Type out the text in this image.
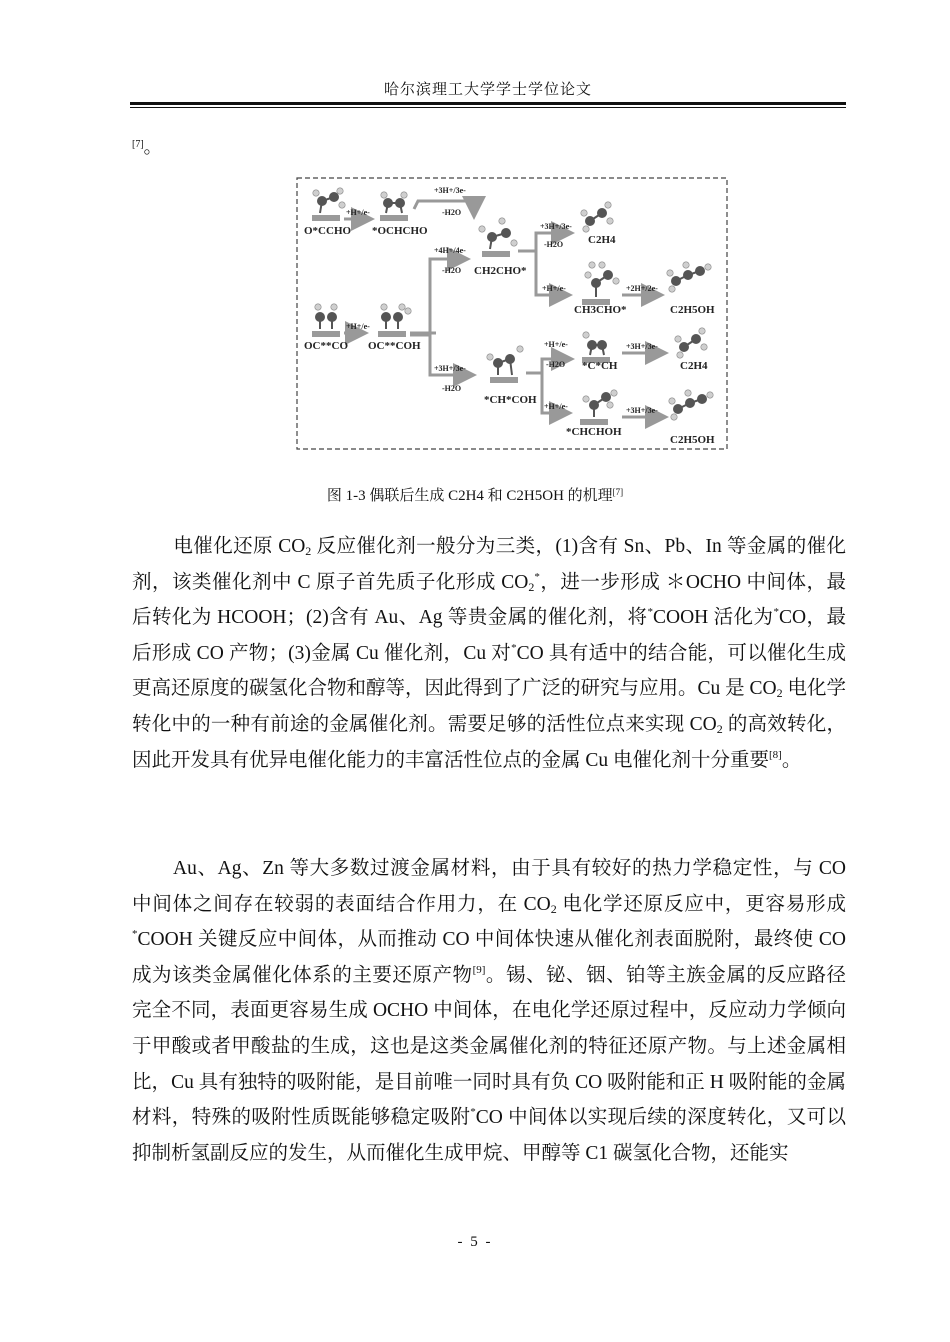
哈尔滨理工大学学士学位论文
[7]。
O*CCHO *OCHCHO
CH2CHO*
C2H4
CH3CHO*	C2H5OH
OC**CO OC**COH
*CH*COH
*C*CH	C2H4
*CHCHOH
C2H5OH
+H+/e-
+3H+/3e-
-H2O
+H+/e-
+4H+/4e-
-H2O
+3H+/3e-
-H2O
+3H+/3e-
-H2O
+H+/e-	+2H+/2e-
+H+/e-
-H2O
+3H+/3e-
+H+/e-	+3H+/3e-
图 1-3 偶联后生成 C2H4 和 C2H5OH 的机理[7]

电催化还原 $CO_2$ 反应催化剂一般分为三类，(1)含有 Sn、Pb、In 等金属的催化剂，该类催化剂中 C 原子首先质子化形成 $CO_2^*$，进一步形成 ＊OCHO 中间体，最后转化为 HCOOH；(2)含有 Au、Ag 等贵金属的催化剂，将*COOH 活化为*CO，最后形成 CO 产物；(3)金属 Cu 催化剂，Cu 对*CO 具有适中的结合能，可以催化生成更高还原度的碳氢化合物和醇等，因此得到了广泛的研究与应用。Cu 是 $CO_2$ 电化学转化中的一种有前途的金属催化剂。需要足够的活性位点来实现 $CO_2$ 的高效转化，因此开发具有优异电催化能力的丰富活性位点的金属 Cu 电催化剂十分重要[8]。

Au、Ag、Zn 等大多数过渡金属材料，由于具有较好的热力学稳定性，与 CO 中间体之间存在较弱的表面结合作用力，在 $CO_2$ 电化学还原反应中，更容易形成*COOH 关键反应中间体，从而推动 CO 中间体快速从催化剂表面脱附，最终使 CO 成为该类金属催化体系的主要还原产物[9]。锡、铋、铟、铂等主族金属的反应路径完全不同，表面更容易生成 OCHO 中间体，在电化学还原过程中，反应动力学倾向于甲酸或者甲酸盐的生成，这也是这类金属催化剂的特征还原产物。与上述金属相比，Cu 具有独特的吸附能，是目前唯一同时具有负 CO 吸附能和正 H 吸附能的金属材料，特殊的吸附性质既能够稳定吸附*CO 中间体以实现后续的深度转化，又可以抑制析氢副反应的发生，从而催化生成甲烷、甲醇等 C1 碳氢化合物，还能实

- 5 -
